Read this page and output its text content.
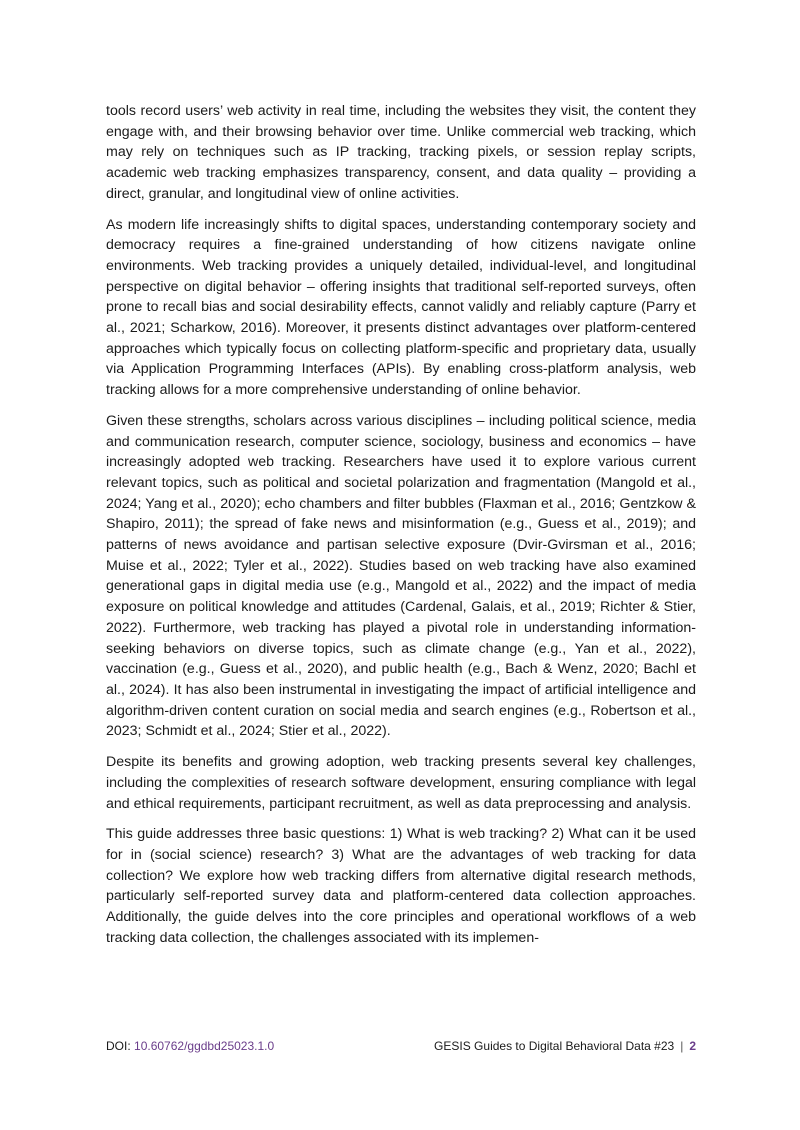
tools record users’ web activity in real time, including the websites they visit, the content they engage with, and their browsing behavior over time. Unlike commercial web tracking, which may rely on techniques such as IP tracking, tracking pixels, or session replay scripts, academic web tracking emphasizes transparency, consent, and data quality – providing a direct, granular, and longitudinal view of online activities.

As modern life increasingly shifts to digital spaces, understanding contemporary society and democracy requires a fine-grained understanding of how citizens navigate online environments. Web tracking provides a uniquely detailed, individual-level, and longitudinal perspective on digital behavior – offering insights that traditional self-reported surveys, often prone to recall bias and social desirability effects, cannot validly and reliably capture (Parry et al., 2021; Scharkow, 2016). Moreover, it presents distinct advantages over platform-centered approaches which typically focus on collecting platform-specific and proprietary data, usually via Application Programming Interfaces (APIs). By enabling cross-platform analysis, web tracking allows for a more comprehensive understanding of online behavior.

Given these strengths, scholars across various disciplines – including political science, media and communication research, computer science, sociology, business and economics – have increasingly adopted web tracking. Researchers have used it to explore various current relevant topics, such as political and societal polarization and fragmentation (Mangold et al., 2024; Yang et al., 2020); echo chambers and filter bubbles (Flaxman et al., 2016; Gentzkow & Shapiro, 2011); the spread of fake news and misinformation (e.g., Guess et al., 2019); and patterns of news avoidance and partisan selective exposure (Dvir-Gvirsman et al., 2016; Muise et al., 2022; Tyler et al., 2022). Studies based on web tracking have also examined generational gaps in digital media use (e.g., Mangold et al., 2022) and the impact of media exposure on political knowledge and attitudes (Cardenal, Galais, et al., 2019; Richter & Stier, 2022). Furthermore, web tracking has played a pivotal role in understanding information-seeking behaviors on diverse topics, such as climate change (e.g., Yan et al., 2022), vaccination (e.g., Guess et al., 2020), and public health (e.g., Bach & Wenz, 2020; Bachl et al., 2024). It has also been instrumental in investigating the impact of artificial intelligence and algorithm-driven content curation on social media and search engines (e.g., Robertson et al., 2023; Schmidt et al., 2024; Stier et al., 2022).

Despite its benefits and growing adoption, web tracking presents several key challenges, including the complexities of research software development, ensuring compliance with legal and ethical requirements, participant recruitment, as well as data preprocessing and analysis.

This guide addresses three basic questions: 1) What is web tracking? 2) What can it be used for in (social science) research? 3) What are the advantages of web tracking for data collection? We explore how web tracking differs from alternative digital research methods, particularly self-reported survey data and platform-centered data collection approaches. Additionally, the guide delves into the core principles and operational workflows of a web tracking data collection, the challenges associated with its implemen-

DOI: 10.60762/ggdbd25023.1.0	GESIS Guides to Digital Behavioral Data #23 | 2
